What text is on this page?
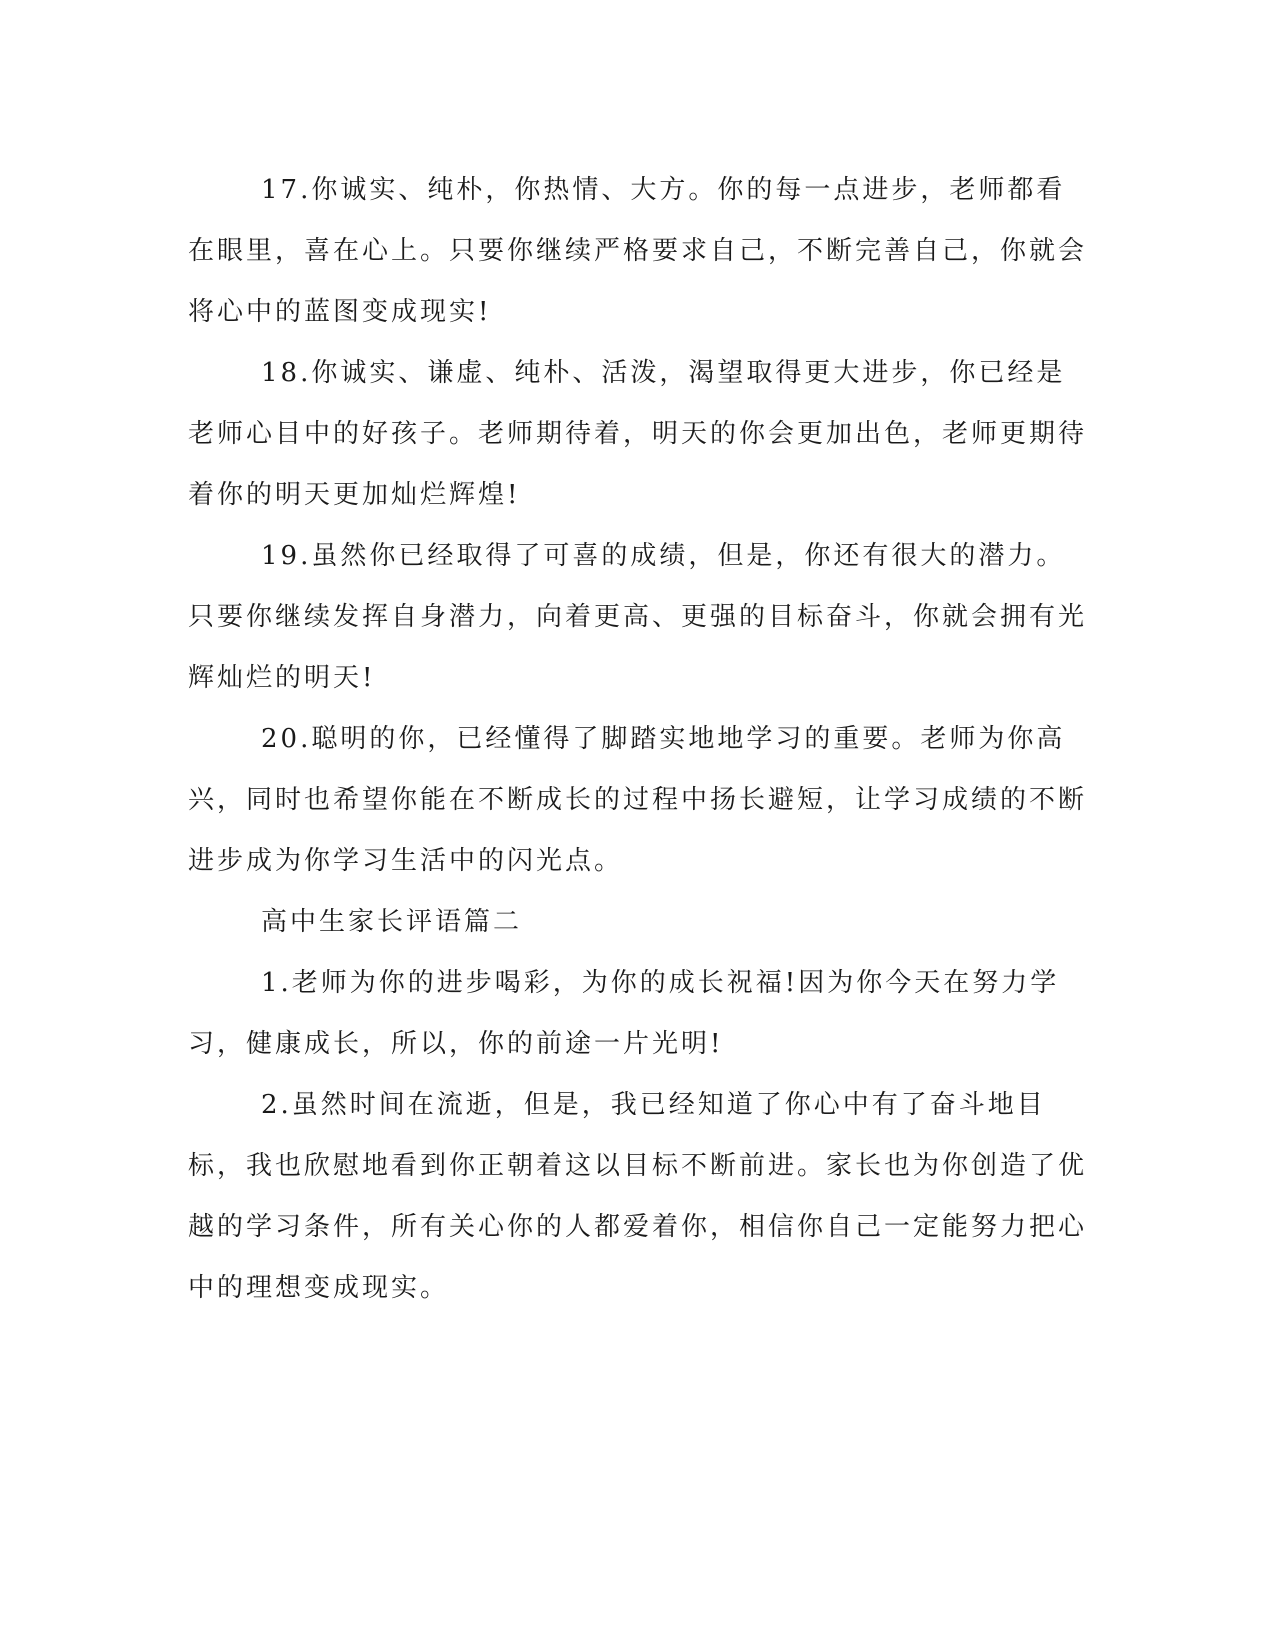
17.你诚实、纯朴，你热情、大方。你的每一点进步，老师都看在眼里，喜在心上。只要你继续严格要求自己，不断完善自己，你就会将心中的蓝图变成现实!

18.你诚实、谦虚、纯朴、活泼，渴望取得更大进步，你已经是老师心目中的好孩子。老师期待着，明天的你会更加出色，老师更期待着你的明天更加灿烂辉煌!

19.虽然你已经取得了可喜的成绩，但是，你还有很大的潜力。只要你继续发挥自身潜力，向着更高、更强的目标奋斗，你就会拥有光辉灿烂的明天!

20.聪明的你，已经懂得了脚踏实地地学习的重要。老师为你高兴，同时也希望你能在不断成长的过程中扬长避短，让学习成绩的不断进步成为你学习生活中的闪光点。

高中生家长评语篇二

1.老师为你的进步喝彩，为你的成长祝福!因为你今天在努力学习，健康成长，所以，你的前途一片光明!

2.虽然时间在流逝，但是，我已经知道了你心中有了奋斗地目标，我也欣慰地看到你正朝着这以目标不断前进。家长也为你创造了优越的学习条件，所有关心你的人都爱着你，相信你自己一定能努力把心中的理想变成现实。
